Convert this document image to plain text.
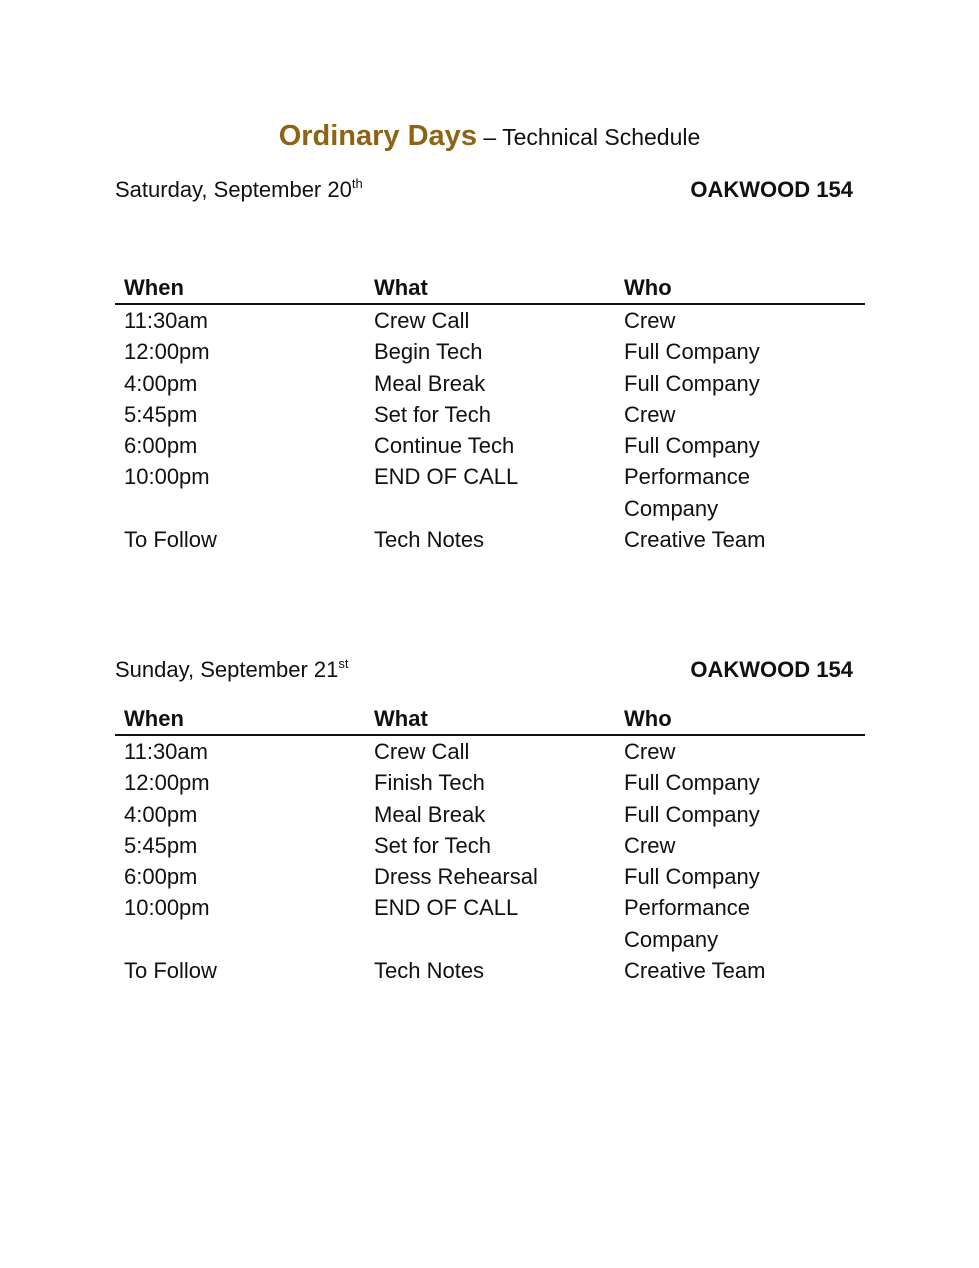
Ordinary Days – Technical Schedule
Saturday, September 20th	OAKWOOD 154
When	What	Who
11:30am	Crew Call	Crew
12:00pm	Begin Tech	Full Company
4:00pm	Meal Break	Full Company
5:45pm	Set for Tech	Crew
6:00pm	Continue Tech	Full Company
10:00pm	END OF CALL	Performance Company
To Follow	Tech Notes	Creative Team
Sunday, September 21st	OAKWOOD 154
When	What	Who
11:30am	Crew Call	Crew
12:00pm	Finish Tech	Full Company
4:00pm	Meal Break	Full Company
5:45pm	Set for Tech	Crew
6:00pm	Dress Rehearsal	Full Company
10:00pm	END OF CALL	Performance Company
To Follow	Tech Notes	Creative Team
